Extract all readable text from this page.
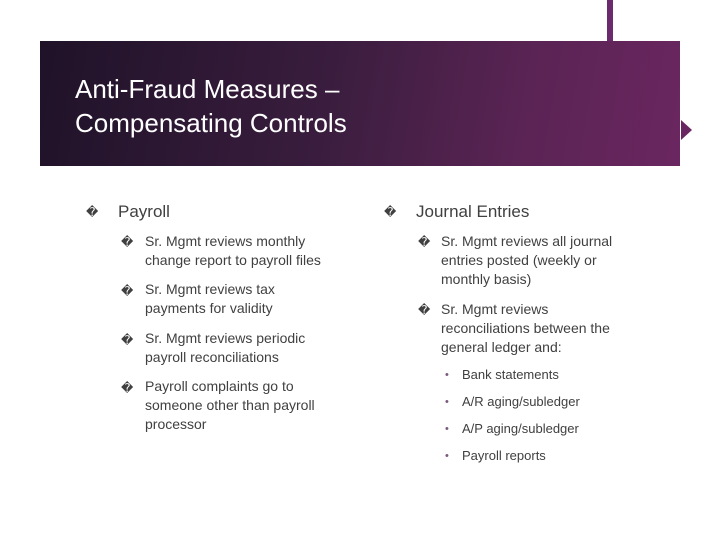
Anti-Fraud Measures –
Compensating Controls
� Payroll
� Sr. Mgmt reviews monthly
change report to payroll files
� Sr. Mgmt reviews tax
payments for validity
� Sr. Mgmt reviews periodic
payroll reconciliations
� Payroll complaints go to
someone other than payroll
processor
� Journal Entries
� Sr. Mgmt reviews all journal
entries posted (weekly or
monthly basis)
� Sr. Mgmt reviews
reconciliations between the
general ledger and:
• Bank statements
• A/R aging/subledger
• A/P aging/subledger
• Payroll reports
